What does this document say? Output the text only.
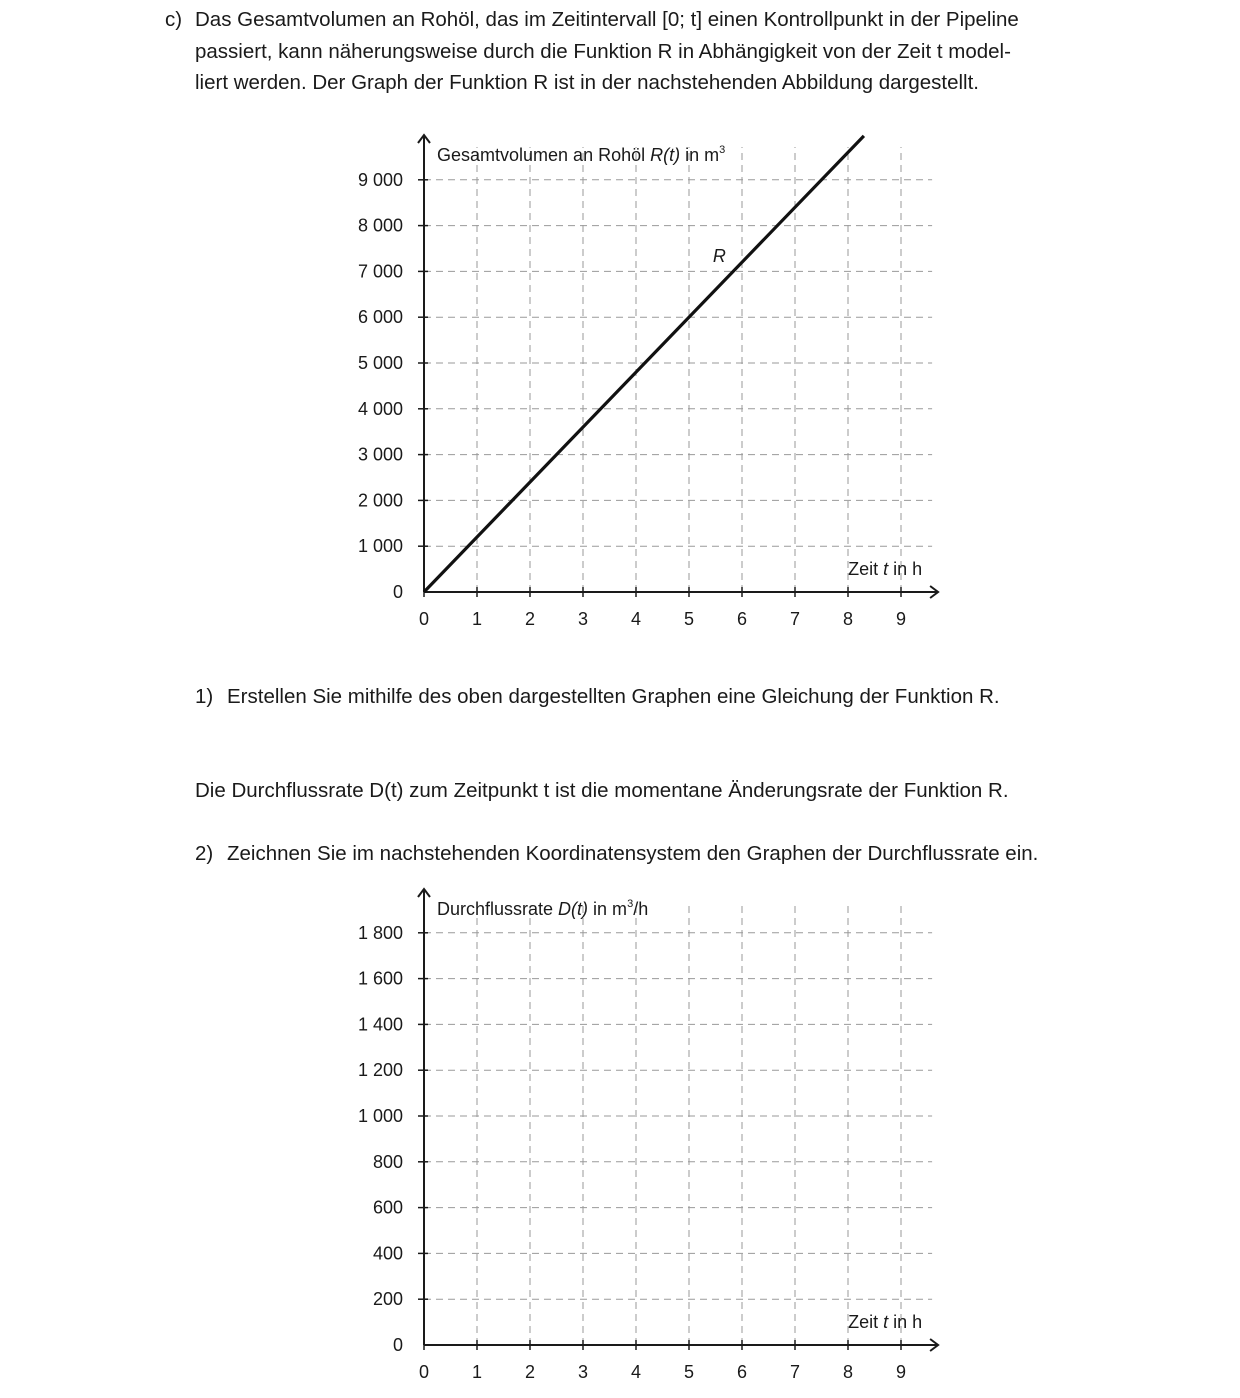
c) Das Gesamtvolumen an Rohöl, das im Zeitintervall [0; t] einen Kontrollpunkt in der Pipeline
passiert, kann näherungsweise durch die Funktion R in Abhängigkeit von der Zeit t model-
liert werden. Der Graph der Funktion R ist in der nachstehenden Abbildung dargestellt.
0 1 2 3 4 5 6 7 8 9
0
1 000
2 000
3 000
4 000
5 000
6 000
7 000
8 000
9 000
Gesamtvolumen an Rohöl R(t) in $m^3$
Zeit t in h
R
1) Erstellen Sie mithilfe des oben dargestellten Graphen eine Gleichung der Funktion R.
Die Durchflussrate D(t) zum Zeitpunkt t ist die momentane Änderungsrate der Funktion R.
2) Zeichnen Sie im nachstehenden Koordinatensystem den Graphen der Durchflussrate ein.
0 1 2 3 4 5 6 7 8 9
0
200
400
600
800
1 000
1 200
1 400
1 600
1 800
Durchflussrate D(t) in $m^3/h$
Zeit t in h
